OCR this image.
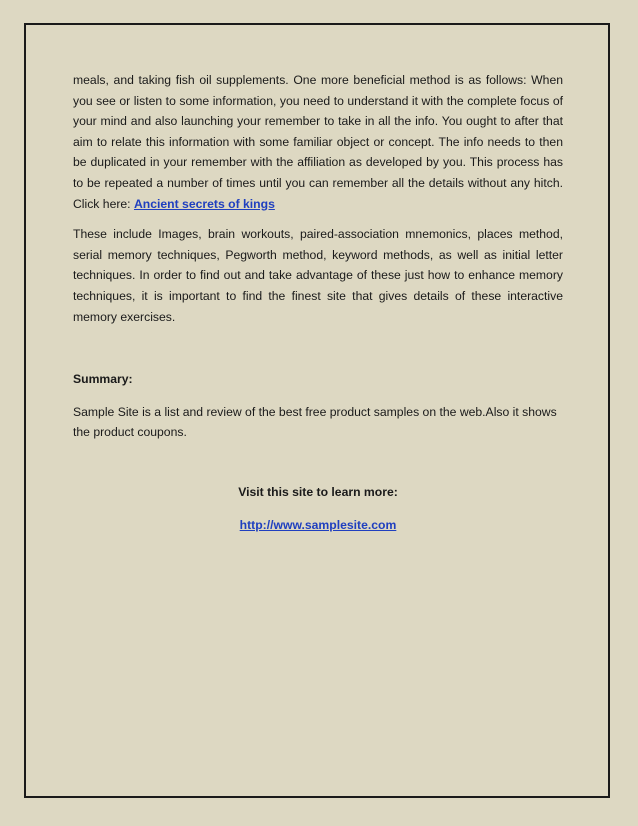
meals, and taking fish oil supplements. One more beneficial method is as follows: When you see or listen to some information, you need to understand it with the complete focus of your mind and also launching your remember to take in all the info. You ought to after that aim to relate this information with some familiar object or concept. The info needs to then be duplicated in your remember with the affiliation as developed by you. This process has to be repeated a number of times until you can remember all the details without any hitch. Click here: Ancient secrets of kings

These include Images, brain workouts, paired-association mnemonics, places method, serial memory techniques, Pegworth method, keyword methods, as well as initial letter techniques. In order to find out and take advantage of these just how to enhance memory techniques, it is important to find the finest site that gives details of these interactive memory exercises.

Summary:

Sample Site is a list and review of the best free product samples on the web.Also it shows the product coupons.

Visit this site to learn more:
http://www.samplesite.com
